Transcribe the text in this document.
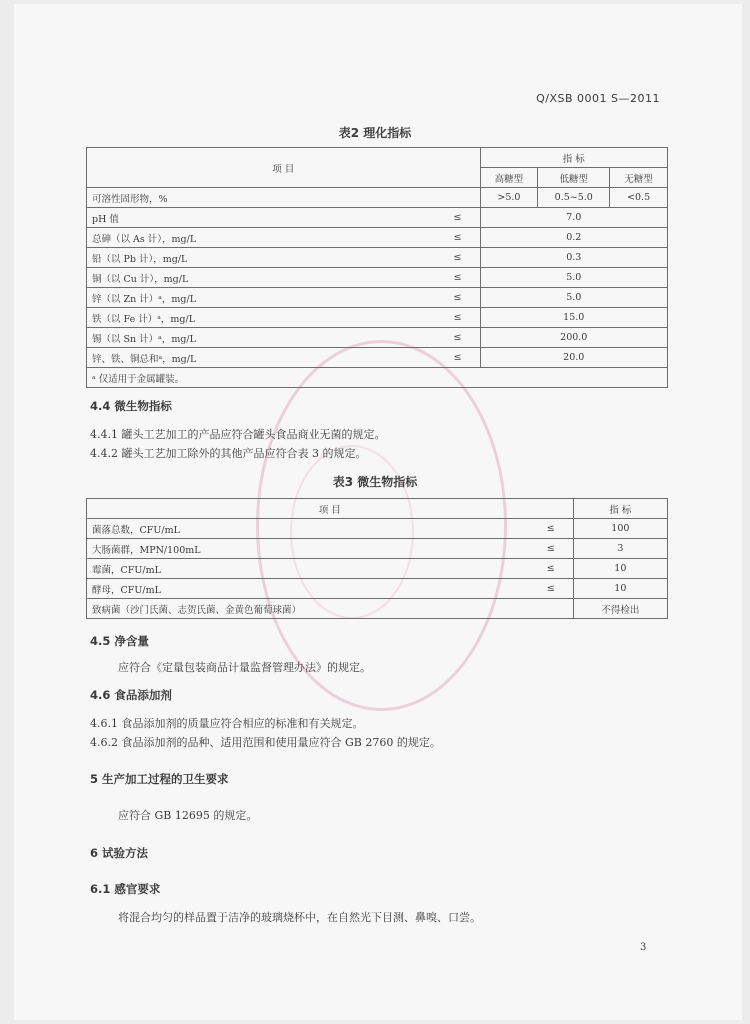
Q/XSB 0001 S—2011
表2 理化指标
项 目		指 标		
		高糖型	低糖型	无糖型
可溶性固形物，%		>5.0	0.5~5.0	<0.5
pH 值	≤	7.0		
总砷（以 As 计），mg/L	≤	0.2		
铅（以 Pb 计），mg/L	≤	0.3		
铜（以 Cu 计），mg/L	≤	5.0		
锌（以 Zn 计）ᵃ，mg/L	≤	5.0		
铁（以 Fe 计）ᵃ，mg/L	≤	15.0		
锡（以 Sn 计）ᵃ，mg/L	≤	200.0		
锌、铁、铜总和ᵃ，mg/L	≤	20.0		
ᵃ 仅适用于金属罐装。				
4.4 微生物指标
4.4.1 罐头工艺加工的产品应符合罐头食品商业无菌的规定。
4.4.2 罐头工艺加工除外的其他产品应符合表 3 的规定。
表3 微生物指标
项 目		指 标
菌落总数，CFU/mL	≤	100
大肠菌群，MPN/100mL	≤	3
霉菌，CFU/mL	≤	10
酵母，CFU/mL	≤	10
致病菌（沙门氏菌、志贺氏菌、金黄色葡萄球菌）		不得检出
4.5 净含量
应符合《定量包装商品计量监督管理办法》的规定。
4.6 食品添加剂
4.6.1 食品添加剂的质量应符合相应的标准和有关规定。
4.6.2 食品添加剂的品种、适用范围和使用量应符合 GB 2760 的规定。
5 生产加工过程的卫生要求
应符合 GB 12695 的规定。
6 试验方法
6.1 感官要求
将混合均匀的样品置于洁净的玻璃烧杯中，在自然光下目测、鼻嗅、口尝。
3
